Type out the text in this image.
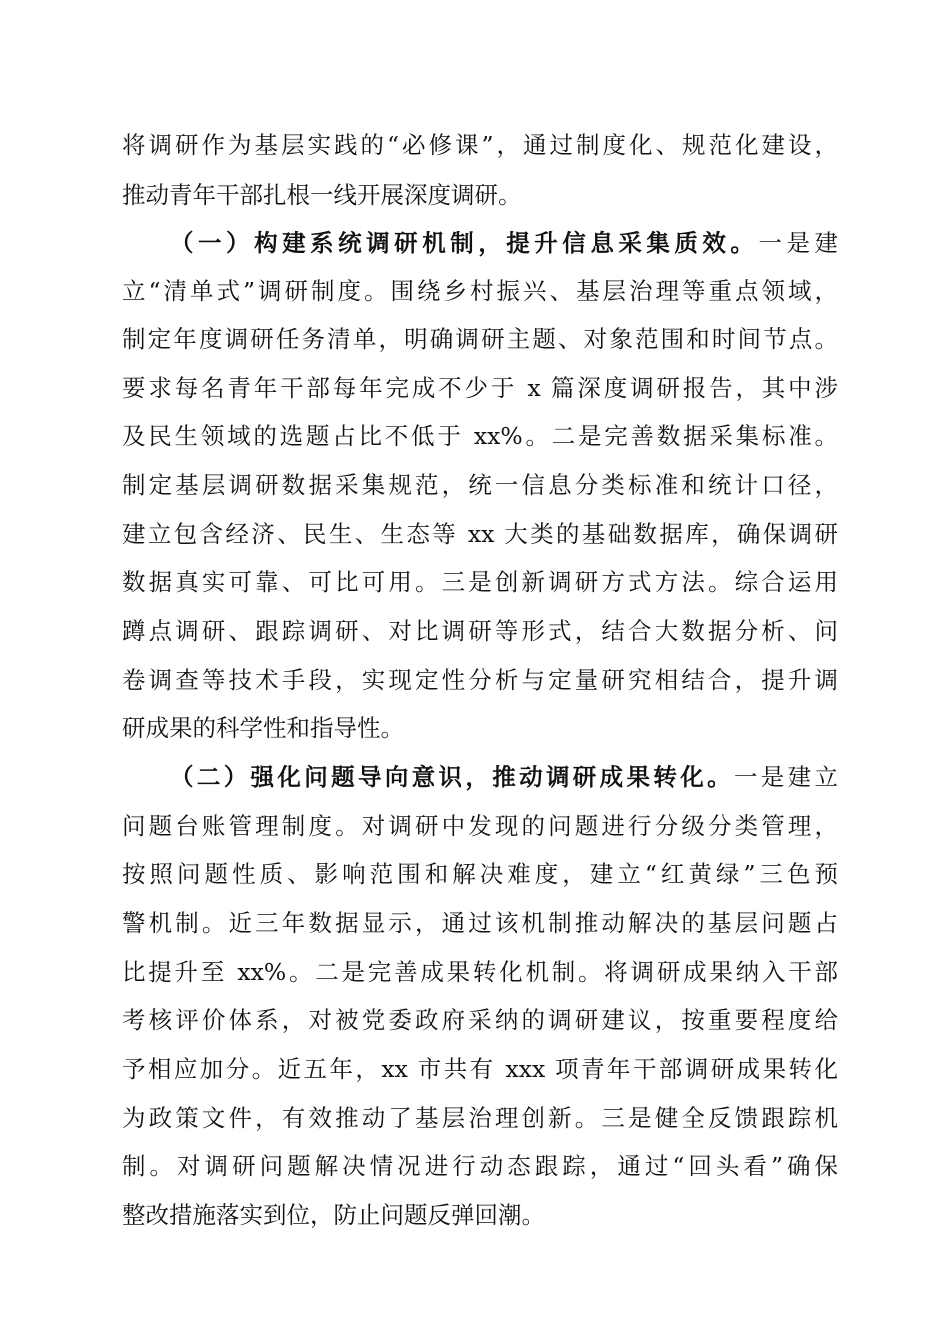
将调研作为基层实践的“必修课”，通过制度化、规范化建设，
推动青年干部扎根一线开展深度调研。
（一）构建系统调研机制，提升信息采集质效。一是建
立“清单式”调研制度。围绕乡村振兴、基层治理等重点领域，
制定年度调研任务清单，明确调研主题、对象范围和时间节点。
要求每名青年干部每年完成不少于 x 篇深度调研报告，其中涉
及民生领域的选题占比不低于 xx%。二是完善数据采集标准。
制定基层调研数据采集规范，统一信息分类标准和统计口径，
建立包含经济、民生、生态等 xx 大类的基础数据库，确保调研
数据真实可靠、可比可用。三是创新调研方式方法。综合运用
蹲点调研、跟踪调研、对比调研等形式，结合大数据分析、问
卷调查等技术手段，实现定性分析与定量研究相结合，提升调
研成果的科学性和指导性。
（二）强化问题导向意识，推动调研成果转化。一是建立
问题台账管理制度。对调研中发现的问题进行分级分类管理，
按照问题性质、影响范围和解决难度，建立“红黄绿”三色预
警机制。近三年数据显示，通过该机制推动解决的基层问题占
比提升至 xx%。二是完善成果转化机制。将调研成果纳入干部
考核评价体系，对被党委政府采纳的调研建议，按重要程度给
予相应加分。近五年，xx 市共有 xxx 项青年干部调研成果转化
为政策文件，有效推动了基层治理创新。三是健全反馈跟踪机
制。对调研问题解决情况进行动态跟踪，通过“回头看”确保
整改措施落实到位，防止问题反弹回潮。
